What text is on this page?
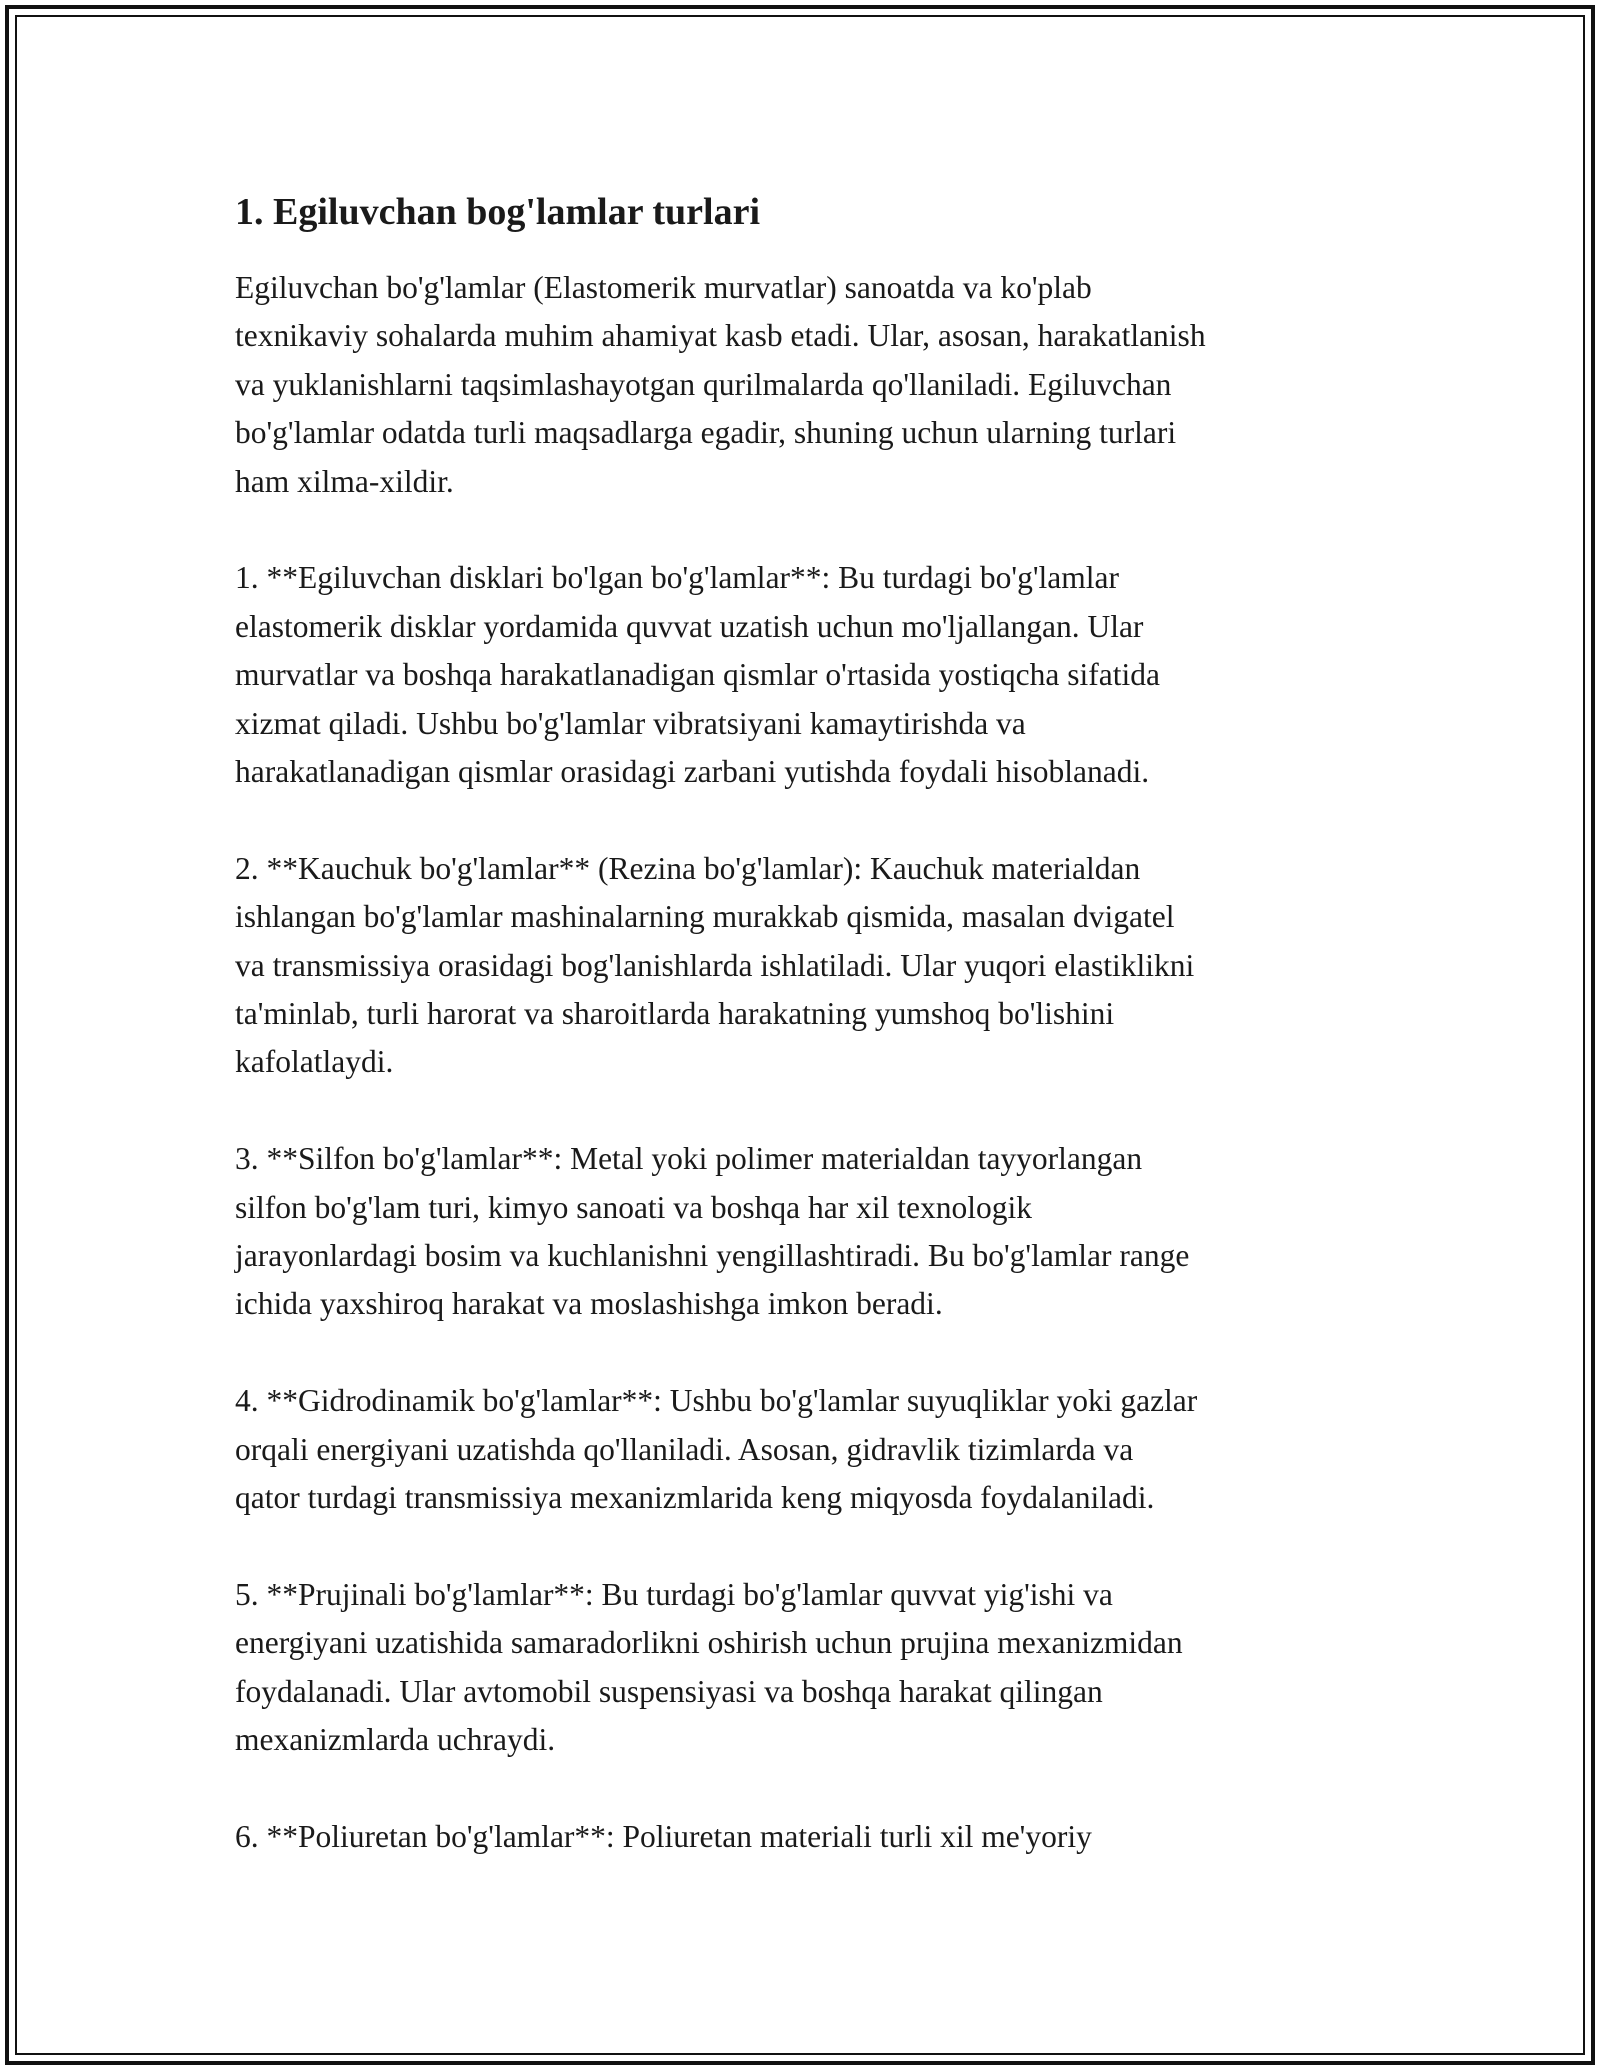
1. Egiluvchan bog'lamlar turlari
Egiluvchan bo'g'lamlar (Elastomerik murvatlar) sanoatda va ko'plab
texnikaviy sohalarda muhim ahamiyat kasb etadi. Ular, asosan, harakatlanish
va yuklanishlarni taqsimlashayotgan qurilmalarda qo'llaniladi. Egiluvchan
bo'g'lamlar odatda turli maqsadlarga egadir, shuning uchun ularning turlari
ham xilma-xildir.
1. **Egiluvchan disklari bo'lgan bo'g'lamlar**: Bu turdagi bo'g'lamlar
elastomerik disklar yordamida quvvat uzatish uchun mo'ljallangan. Ular
murvatlar va boshqa harakatlanadigan qismlar o'rtasida yostiqcha sifatida
xizmat qiladi. Ushbu bo'g'lamlar vibratsiyani kamaytirishda va
harakatlanadigan qismlar orasidagi zarbani yutishda foydali hisoblanadi.
2. **Kauchuk bo'g'lamlar** (Rezina bo'g'lamlar): Kauchuk materialdan
ishlangan bo'g'lamlar mashinalarning murakkab qismida, masalan dvigatel
va transmissiya orasidagi bog'lanishlarda ishlatiladi. Ular yuqori elastiklikni
ta'minlab, turli harorat va sharoitlarda harakatning yumshoq bo'lishini
kafolatlaydi.
3. **Silfon bo'g'lamlar**: Metal yoki polimer materialdan tayyorlangan
silfon bo'g'lam turi, kimyo sanoati va boshqa har xil texnologik
jarayonlardagi bosim va kuchlanishni yengillashtiradi. Bu bo'g'lamlar range
ichida yaxshiroq harakat va moslashishga imkon beradi.
4. **Gidrodinamik bo'g'lamlar**: Ushbu bo'g'lamlar suyuqliklar yoki gazlar
orqali energiyani uzatishda qo'llaniladi. Asosan, gidravlik tizimlarda va
qator turdagi transmissiya mexanizmlarida keng miqyosda foydalaniladi.
5. **Prujinali bo'g'lamlar**: Bu turdagi bo'g'lamlar quvvat yig'ishi va
energiyani uzatishida samaradorlikni oshirish uchun prujina mexanizmidan
foydalanadi. Ular avtomobil suspensiyasi va boshqa harakat qilingan
mexanizmlarda uchraydi.
6. **Poliuretan bo'g'lamlar**: Poliuretan materiali turli xil me'yoriy
